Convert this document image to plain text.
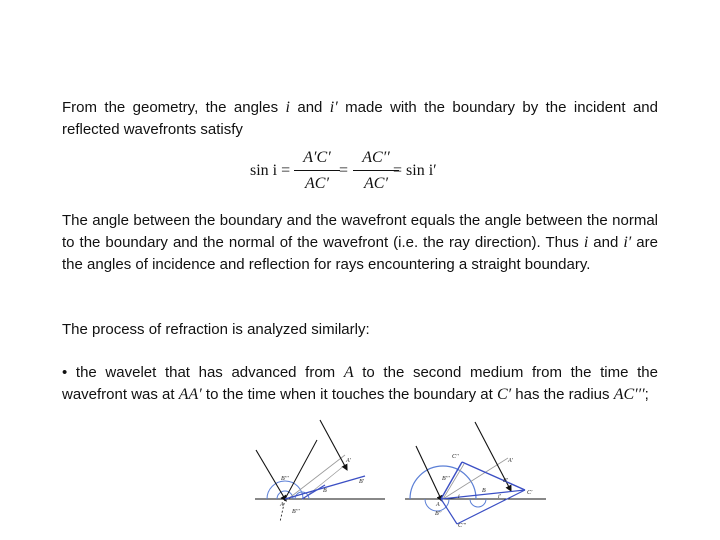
From the geometry, the angles i and i′ made with the boundary by the incident and reflected wavefronts satisfy

sin i =
A′C′
AC′
=
AC′′
AC′
= sin i′

The angle between the boundary and the wavefront equals the angle between the normal to the boundary and the normal of the wavefront (i.e. the ray direction). Thus i and i′ are the angles of incidence and reflection for rays encountering a straight boundary.

The process of refraction is analyzed similarly:

• the wavelet that has advanced from A to the second medium from the time the wavefront was at AA′ to the time when it touches the boundary at C′ has the radius AC′′′;

A′
B′′′	B′
B
A
B′′′
C′′
A′
B′′′	B′
B	C′
A
i	i′
B′′
C′′′
